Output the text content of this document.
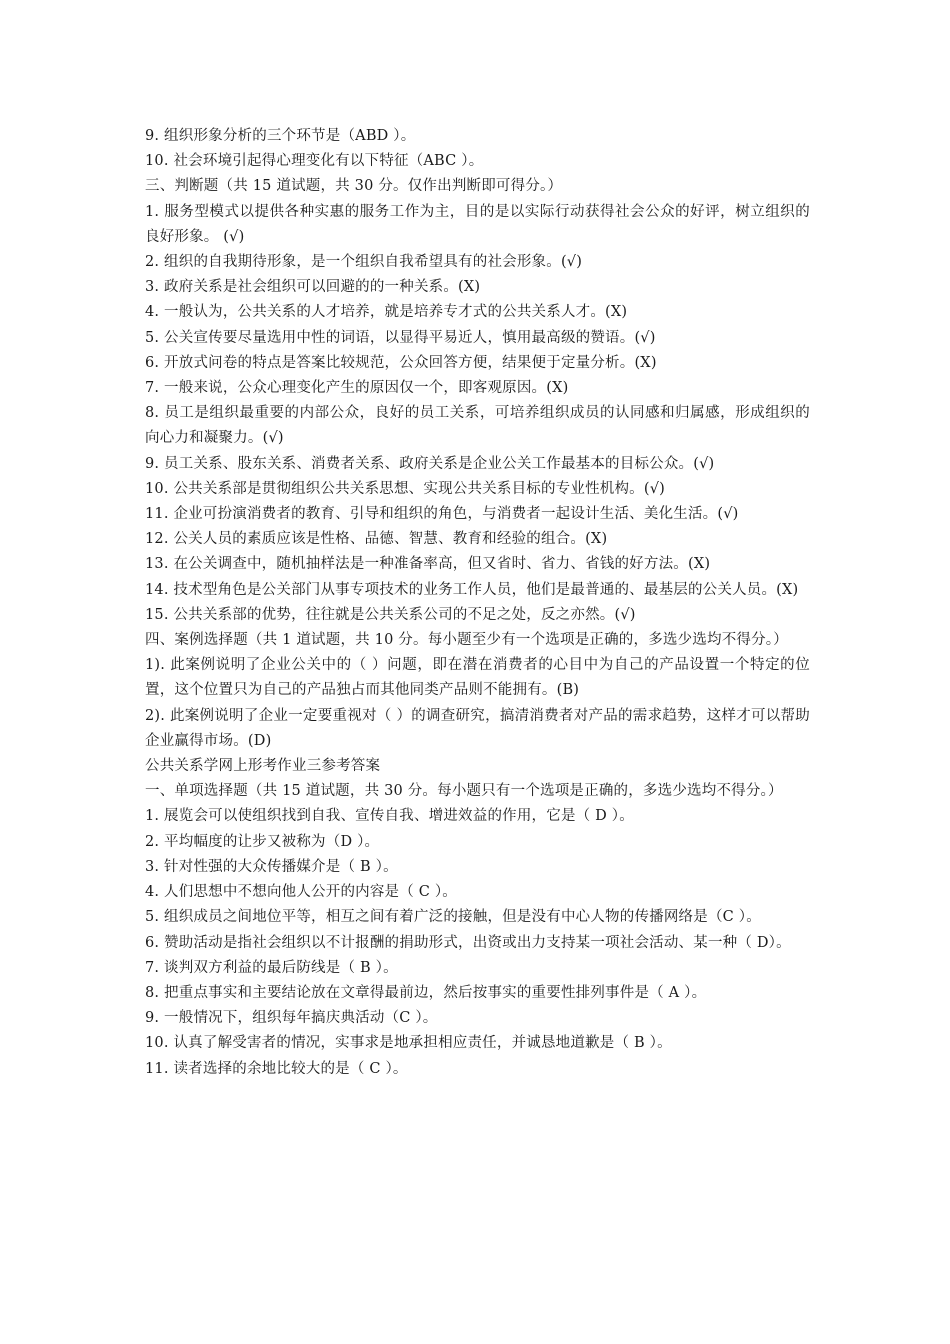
9. 组织形象分析的三个环节是（ABD ）。
10. 社会环境引起得心理变化有以下特征（ABC ）。
三、判断题（共 15 道试题，共 30 分。仅作出判断即可得分。）
1. 服务型模式以提供各种实惠的服务工作为主，目的是以实际行动获得社会公众的好评，树立组织的良好形象。 (√)
2. 组织的自我期待形象，是一个组织自我希望具有的社会形象。(√)
3. 政府关系是社会组织可以回避的的一种关系。(X)
4. 一般认为，公共关系的人才培养，就是培养专才式的公共关系人才。(X)
5. 公关宣传要尽量选用中性的词语，以显得平易近人，慎用最高级的赞语。(√)
6. 开放式问卷的特点是答案比较规范，公众回答方便，结果便于定量分析。(X)
7. 一般来说，公众心理变化产生的原因仅一个，即客观原因。(X)
8. 员工是组织最重要的内部公众，良好的员工关系，可培养组织成员的认同感和归属感，形成组织的向心力和凝聚力。(√)
9. 员工关系、股东关系、消费者关系、政府关系是企业公关工作最基本的目标公众。(√)
10. 公共关系部是贯彻组织公共关系思想、实现公共关系目标的专业性机构。(√)
11. 企业可扮演消费者的教育、引导和组织的角色，与消费者一起设计生活、美化生活。(√)
12. 公关人员的素质应该是性格、品德、智慧、教育和经验的组合。(X)
13. 在公关调查中，随机抽样法是一种准备率高，但又省时、省力、省钱的好方法。(X)
14. 技术型角色是公关部门从事专项技术的业务工作人员，他们是最普通的、最基层的公关人员。(X)
15. 公共关系部的优势，往往就是公共关系公司的不足之处，反之亦然。(√)
四、案例选择题（共 1 道试题，共 10 分。每小题至少有一个选项是正确的，多选少选均不得分。）
1). 此案例说明了企业公关中的（ ）问题，即在潜在消费者的心目中为自己的产品设置一个特定的位置，这个位置只为自己的产品独占而其他同类产品则不能拥有。(B)
2). 此案例说明了企业一定要重视对（ ）的调查研究，搞清消费者对产品的需求趋势，这样才可以帮助企业赢得市场。(D)
公共关系学网上形考作业三参考答案
一、单项选择题（共 15 道试题，共 30 分。每小题只有一个选项是正确的，多选少选均不得分。）
1. 展览会可以使组织找到自我、宣传自我、增进效益的作用，它是（ D ）。
2. 平均幅度的让步又被称为（D ）。
3. 针对性强的大众传播媒介是（ B ）。
4. 人们思想中不想向他人公开的内容是（ C ）。
5. 组织成员之间地位平等，相互之间有着广泛的接触，但是没有中心人物的传播网络是（C ）。
6. 赞助活动是指社会组织以不计报酬的捐助形式，出资或出力支持某一项社会活动、某一种（ D）。
7. 谈判双方利益的最后防线是（ B ）。
8. 把重点事实和主要结论放在文章得最前边，然后按事实的重要性排列事件是（ A ）。
9. 一般情况下，组织每年搞庆典活动（C ）。
10. 认真了解受害者的情况，实事求是地承担相应责任，并诚恳地道歉是（ B ）。
11. 读者选择的余地比较大的是（ C ）。
